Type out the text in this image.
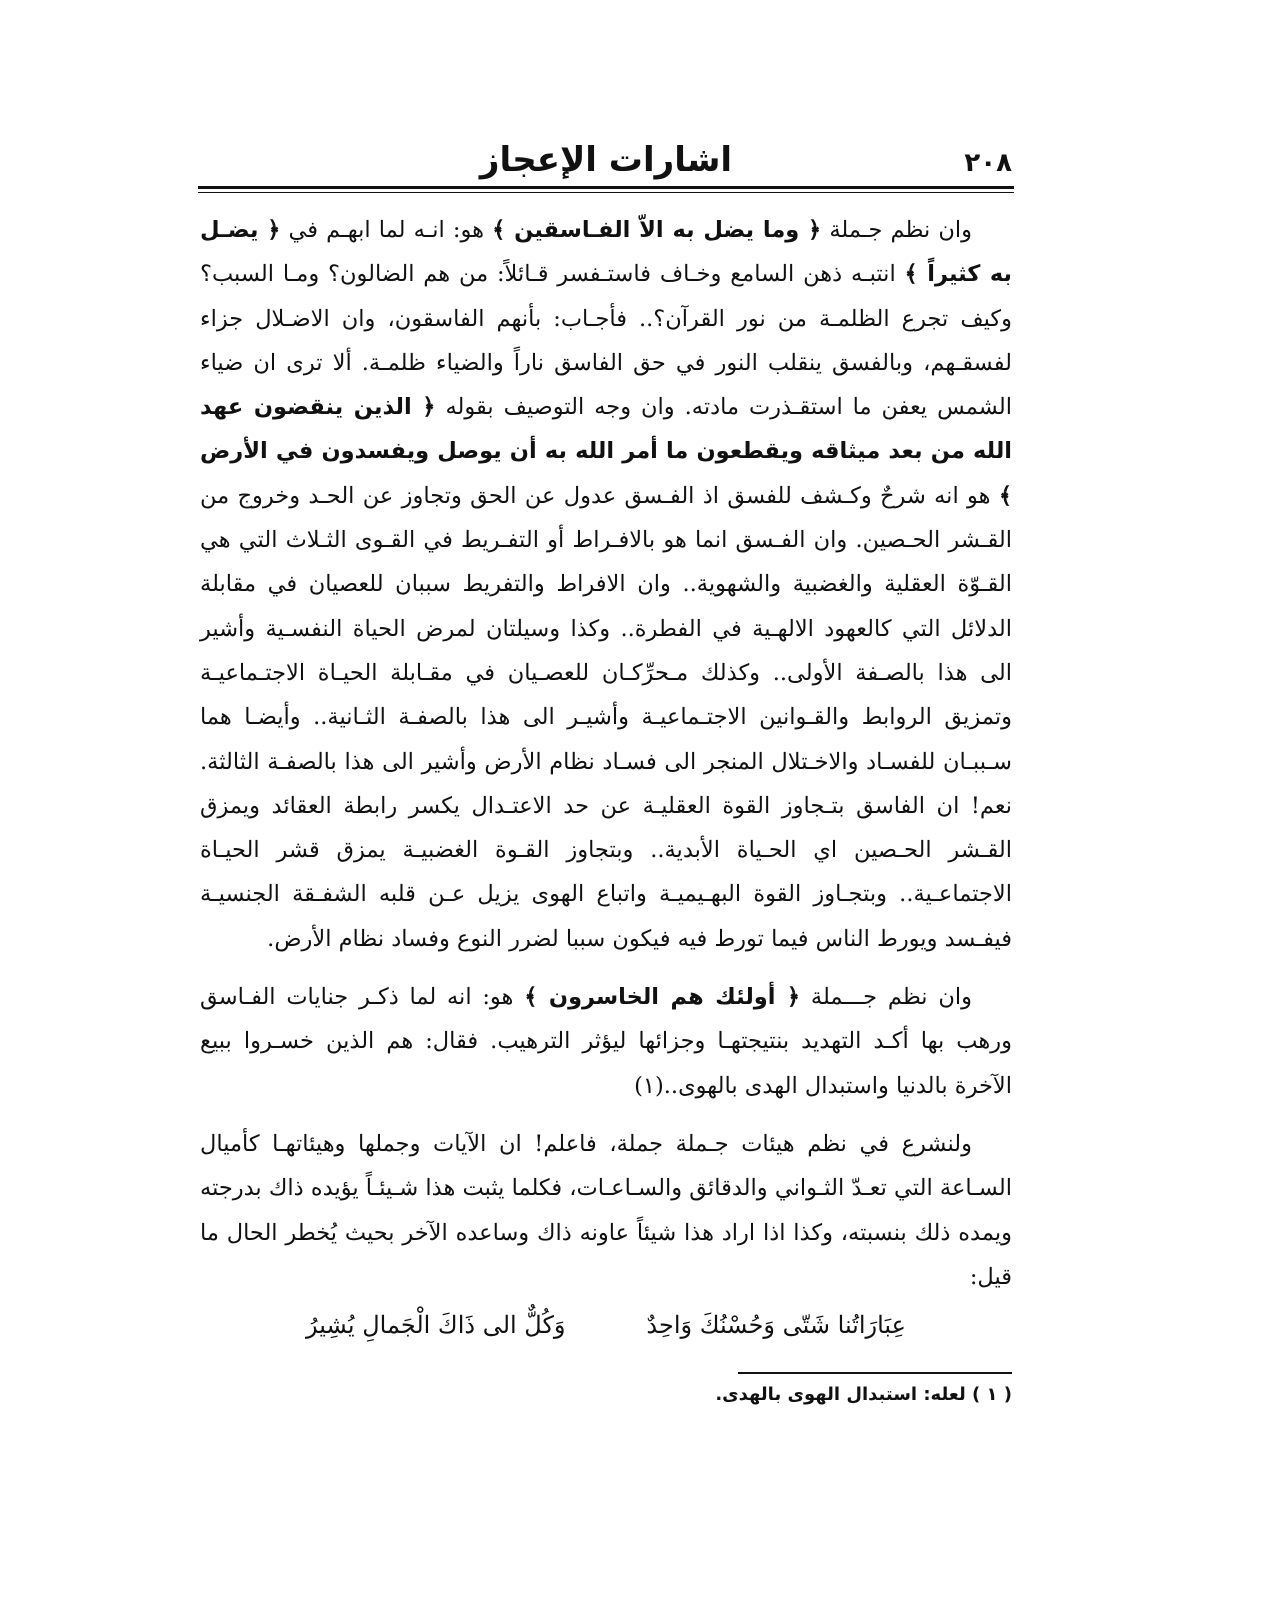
٢٠٨
اشارات الإعجاز

وان نظم جـملة ﴿ وما يضل به الاّ الفـاسقين ﴾ هو: انـه لما ابهـم في ﴿ يضـل به كثيراً ﴾ انتبـه ذهن السامع وخـاف فاستـفسر قـائلاً: من هم الضالون؟ ومـا السبب؟ وكيف تجرع الظلمـة من نور القرآن؟.. فأجـاب: بأنهم الفاسقون، وان الاضـلال جزاء لفسقـهم، وبالفسق ينقلب النور في حق الفاسق ناراً والضياء ظلمـة. ألا ترى ان ضياء الشمس يعفن ما استقـذرت مادته. وان وجه التوصيف بقوله ﴿ الذين ينقضون عهد الله من بعد ميثاقه ويقطعون ما أمر الله به أن يوصل ويفسدون في الأرض ﴾ هو انه شرحٌ وكـشف للفسق اذ الفـسق عدول عن الحق وتجاوز عن الحـد وخروج من القـشر الحـصين. وان الفـسق انما هو بالافـراط أو التفـريط في القـوى الثـلاث التي هي القـوّة العقلية والغضبية والشهوية.. وان الافراط والتفريط سببان للعصيان في مقابلة الدلائل التي كالعهود الالهـية في الفطرة.. وكذا وسيلتان لمرض الحياة النفسـية وأشير الى هذا بالصـفة الأولى.. وكذلك مـحرِّكـان للعصـيان في مقـابلة الحيـاة الاجتـماعيـة وتمزيق الروابط والقـوانين الاجتـماعيـة وأشيـر الى هذا بالصفـة الثـانية.. وأيضـا هما سـببـان للفسـاد والاخـتلال المنجر الى فسـاد نظام الأرض وأشير الى هذا بالصفـة الثالثة. نعم! ان الفاسق بتـجاوز القوة العقليـة عن حد الاعتـدال يكسر رابطة العقائد ويمزق القـشر الحـصين اي الحـياة الأبدية.. وبتجاوز القـوة الغضبيـة يمزق قشر الحيـاة الاجتماعـية.. وبتجـاوز القوة البهـيميـة واتباع الهوى يزيل عـن قلبه الشفـقة الجنسيـة فيفـسد ويورط الناس فيما تورط فيه فيكون سببا لضرر النوع وفساد نظام الأرض.

وان نظم جـــملة ﴿ أولئك هم الخاسرون ﴾ هو: انه لما ذكـر جنايات الفـاسق ورهب بها أكـد التهديد بنتيجتهـا وجزائها ليؤثر الترهيب. فقال: هم الذين خسـروا ببيع الآخرة بالدنيا واستبدال الهدى بالهوى..(١)

ولنشرع في نظم هيئات جـملة جملة، فاعلم! ان الآيات وجملها وهيئاتهـا كأميال السـاعة التي تعـدّ الثـواني والدقائق والسـاعـات، فكلما يثبت هذا شـيئـاً يؤيده ذاك بدرجته ويمده ذلك بنسبته، وكذا اذا اراد هذا شيئاً عاونه ذاك وساعده الآخر بحيث يُخطر الحال ما قيل:

عِبَارَاتُنا شَتّى وَحُسْنُكَ وَاحِدٌ
وَكُلٌّ الى ذَاكَ الْجَمالِ يُشِيرُ
( ١ ) لعله: استبدال الهوى بالهدى.
